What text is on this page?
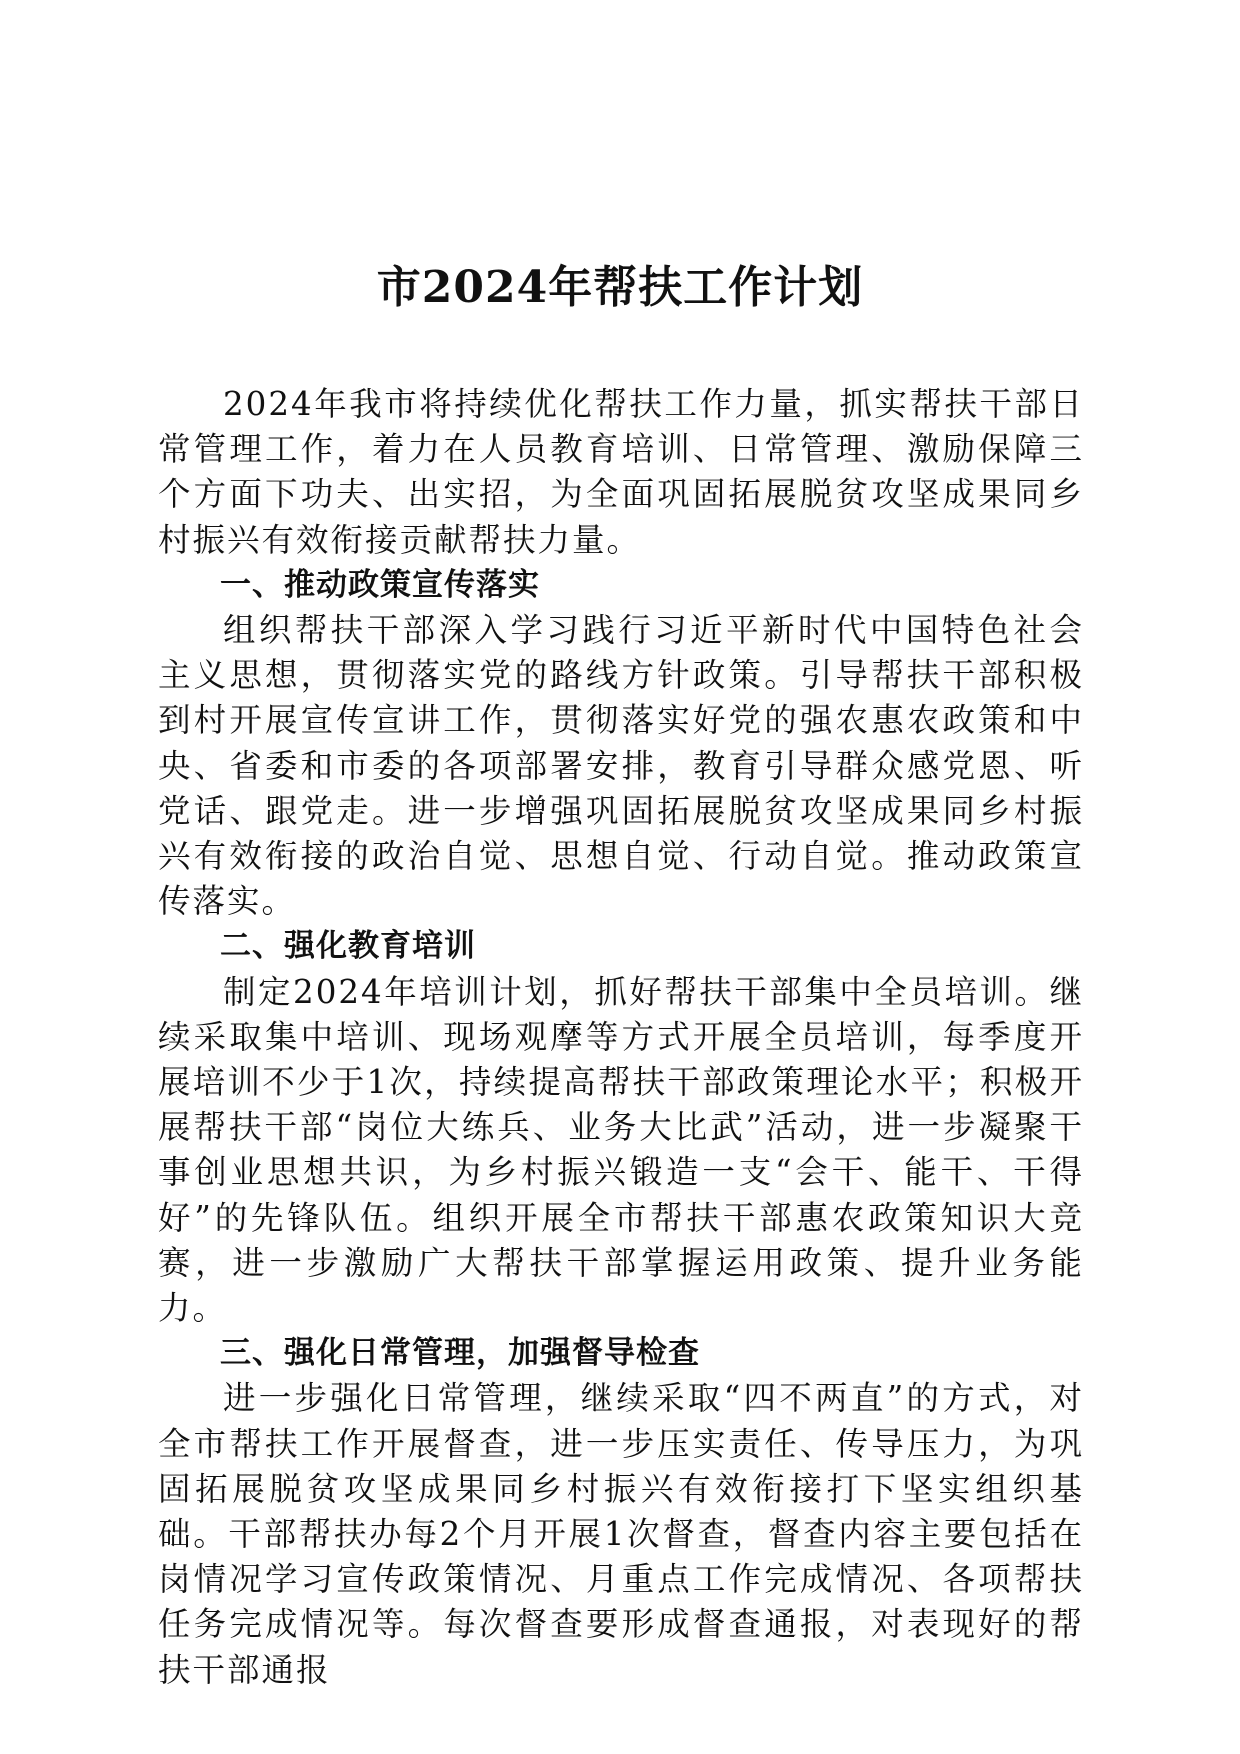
市2024年帮扶工作计划

2024年我市将持续优化帮扶工作力量，抓实帮扶干部日常管理工作，着力在人员教育培训、日常管理、激励保障三个方面下功夫、出实招，为全面巩固拓展脱贫攻坚成果同乡村振兴有效衔接贡献帮扶力量。

一、推动政策宣传落实

组织帮扶干部深入学习践行习近平新时代中国特色社会主义思想，贯彻落实党的路线方针政策。引导帮扶干部积极到村开展宣传宣讲工作，贯彻落实好党的强农惠农政策和中央、省委和市委的各项部署安排，教育引导群众感党恩、听党话、跟党走。进一步增强巩固拓展脱贫攻坚成果同乡村振兴有效衔接的政治自觉、思想自觉、行动自觉。推动政策宣传落实。

二、强化教育培训

制定2024年培训计划，抓好帮扶干部集中全员培训。继续采取集中培训、现场观摩等方式开展全员培训，每季度开展培训不少于1次，持续提高帮扶干部政策理论水平；积极开展帮扶干部“岗位大练兵、业务大比武”活动，进一步凝聚干事创业思想共识，为乡村振兴锻造一支“会干、能干、干得好”的先锋队伍。组织开展全市帮扶干部惠农政策知识大竞赛，进一步激励广大帮扶干部掌握运用政策、提升业务能力。

三、强化日常管理，加强督导检查

进一步强化日常管理，继续采取“四不两直”的方式，对全市帮扶工作开展督查，进一步压实责任、传导压力，为巩固拓展脱贫攻坚成果同乡村振兴有效衔接打下坚实组织基础。干部帮扶办每2个月开展1次督查，督查内容主要包括在岗情况学习宣传政策情况、月重点工作完成情况、各项帮扶任务完成情况等。每次督查要形成督查通报，对表现好的帮扶干部通报
